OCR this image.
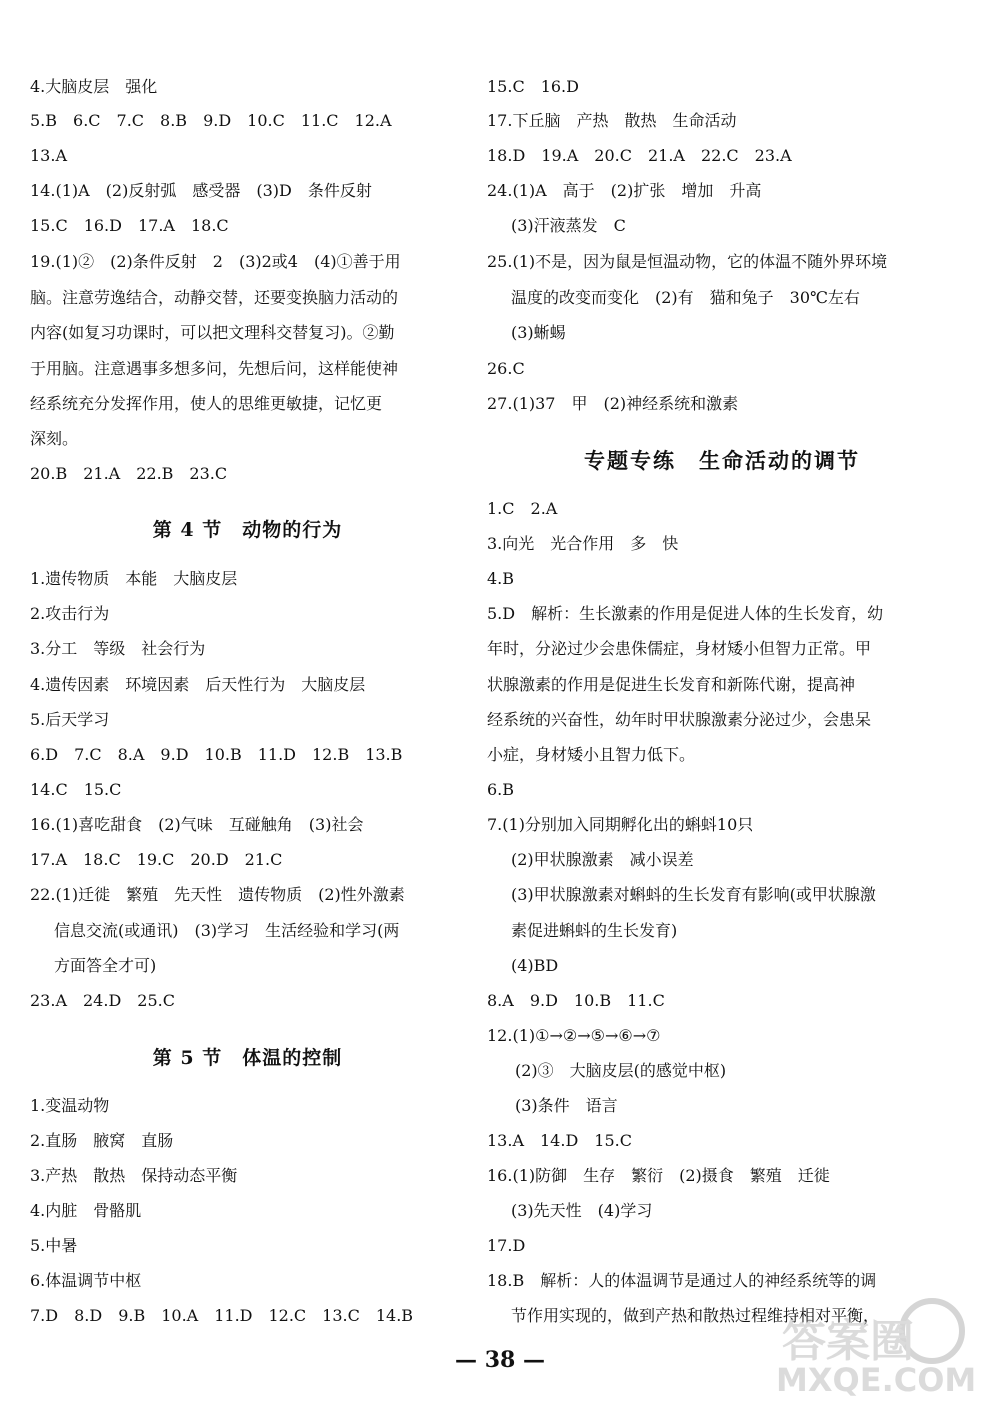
4.大脑皮层　强化
5.B　6.C　7.C　8.B　9.D　10.C　11.C　12.A
13.A
14.(1)A　(2)反射弧　感受器　(3)D　条件反射
15.C　16.D　17.A　18.C
19.(1)②　(2)条件反射　2　(3)2或4　(4)①善于用
脑。注意劳逸结合，动静交替，还要变换脑力活动的
内容(如复习功课时，可以把文理科交替复习)。②勤
于用脑。注意遇事多想多问，先想后问，这样能使神
经系统充分发挥作用，使人的思维更敏捷，记忆更
深刻。
20.B　21.A　22.B　23.C
第 4 节　动物的行为
1.遗传物质　本能　大脑皮层
2.攻击行为
3.分工　等级　社会行为
4.遗传因素　环境因素　后天性行为　大脑皮层
5.后天学习
6.D　7.C　8.A　9.D　10.B　11.D　12.B　13.B
14.C　15.C
16.(1)喜吃甜食　(2)气味　互碰触角　(3)社会
17.A　18.C　19.C　20.D　21.C
22.(1)迁徙　繁殖　先天性　遗传物质　(2)性外激素
信息交流(或通讯)　(3)学习　生活经验和学习(两
方面答全才可)
23.A　24.D　25.C
第 5 节　体温的控制
1.变温动物
2.直肠　腋窝　直肠
3.产热　散热　保持动态平衡
4.内脏　骨骼肌
5.中暑
6.体温调节中枢
7.D　8.D　9.B　10.A　11.D　12.C　13.C　14.B
15.C　16.D
17.下丘脑　产热　散热　生命活动
18.D　19.A　20.C　21.A　22.C　23.A
24.(1)A　高于　(2)扩张　增加　升高
(3)汗液蒸发　C
25.(1)不是，因为鼠是恒温动物，它的体温不随外界环境
温度的改变而变化　(2)有　猫和兔子　30℃左右
(3)蜥蜴
26.C
27.(1)37　甲　(2)神经系统和激素
专题专练　生命活动的调节
1.C　2.A
3.向光　光合作用　多　快
4.B
5.D　解析：生长激素的作用是促进人体的生长发育，幼
年时，分泌过少会患侏儒症，身材矮小但智力正常。甲
状腺激素的作用是促进生长发育和新陈代谢，提高神
经系统的兴奋性，幼年时甲状腺激素分泌过少，会患呆
小症，身材矮小且智力低下。
6.B
7.(1)分别加入同期孵化出的蝌蚪10只
(2)甲状腺激素　减小误差
(3)甲状腺激素对蝌蚪的生长发育有影响(或甲状腺激
素促进蝌蚪的生长发育)
(4)BD
8.A　9.D　10.B　11.C
12.(1)①→②→⑤→⑥→⑦
(2)③　大脑皮层(的感觉中枢)
(3)条件　语言
13.A　14.D　15.C
16.(1)防御　生存　繁衍　(2)摄食　繁殖　迁徙
(3)先天性　(4)学习
17.D
18.B　解析：人的体温调节是通过人的神经系统等的调
节作用实现的，做到产热和散热过程维持相对平衡，
— 38 —	答案圈
MXQE.COM
